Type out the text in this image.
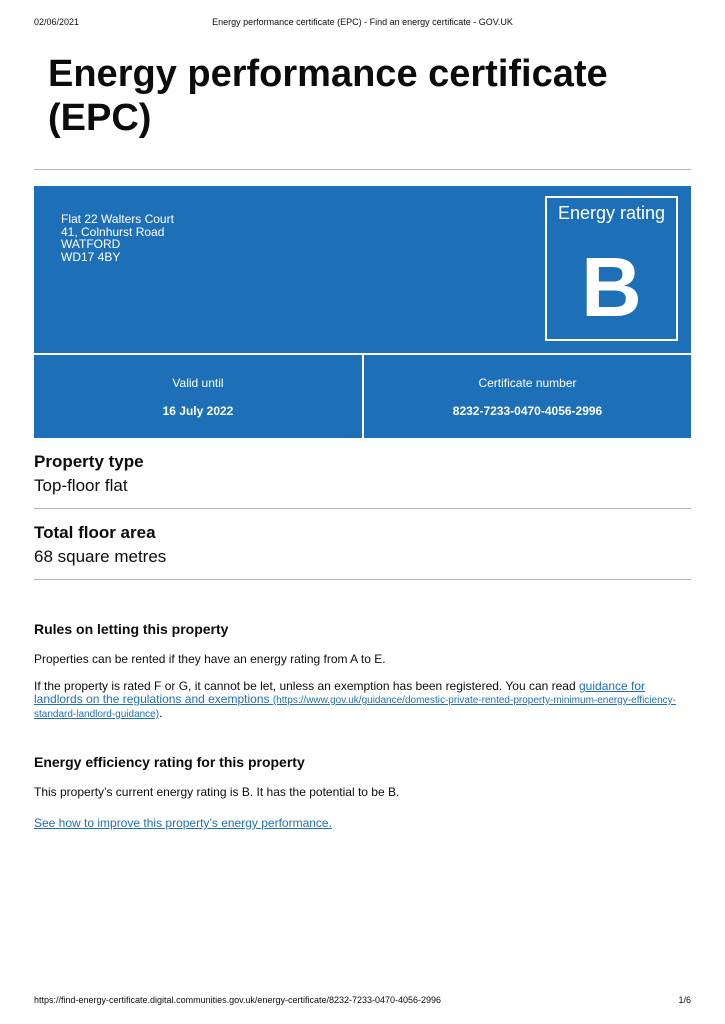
02/06/2021	Energy performance certificate (EPC) - Find an energy certificate - GOV.UK
Energy performance certificate (EPC)
Flat 22 Walters Court
41, Colnhurst Road
WATFORD
WD17 4BY
Energy rating
B
Valid until
16 July 2022
Certificate number
8232-7233-0470-4056-2996
Property type
Top-floor flat
Total floor area
68 square metres
Rules on letting this property

Properties can be rented if they have an energy rating from A to E.

If the property is rated F or G, it cannot be let, unless an exemption has been registered. You can read guidance for landlords on the regulations and exemptions (https://www.gov.uk/guidance/domestic-private-rented-property-minimum-energy-efficiency-standard-landlord-guidance).

Energy efficiency rating for this property

This property’s current energy rating is B. It has the potential to be B.

See how to improve this property’s energy performance.

https://find-energy-certificate.digital.communities.gov.uk/energy-certificate/8232-7233-0470-4056-2996	1/6
